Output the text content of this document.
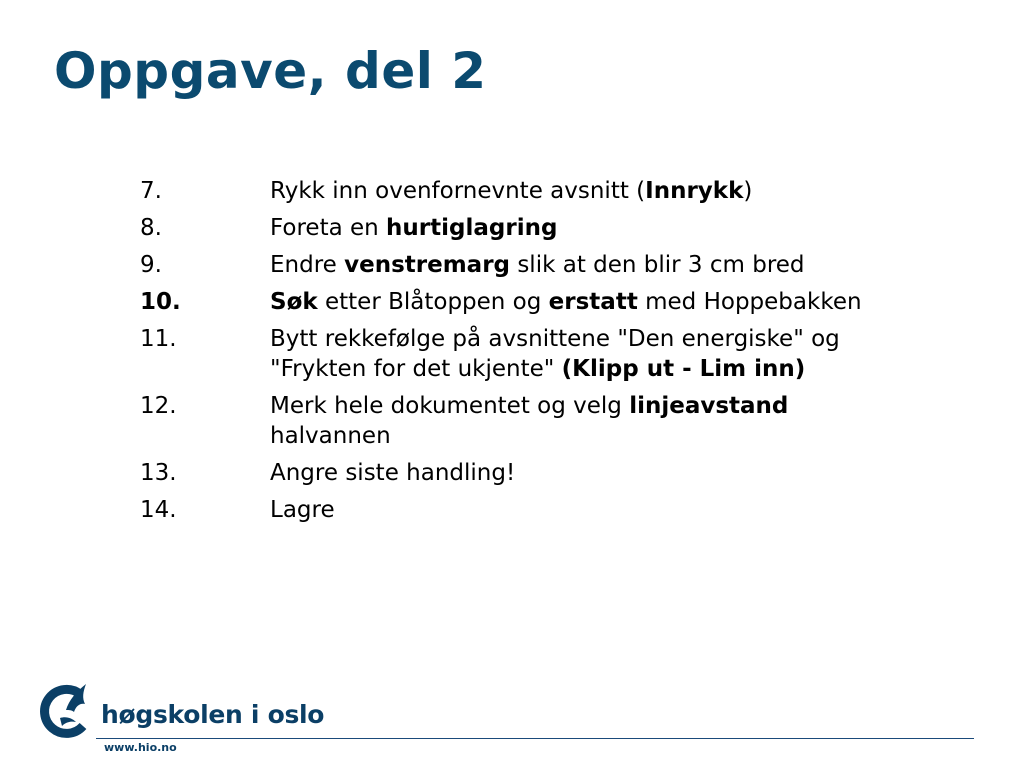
Oppgave, del 2
7.	Rykk inn ovenfornevnte avsnitt (Innrykk)
8.	Foreta en hurtiglagring
9.	Endre venstremarg slik at den blir 3 cm bred
10.	Søk etter Blåtoppen og erstatt med Hoppebakken
11.	Bytt rekkefølge på avsnittene "Den energiske" og "Frykten for det ukjente" (Klipp ut - Lim inn)
12.	Merk hele dokumentet og velg linjeavstand halvannen
13.	Angre siste handling!
14.	Lagre
høgskolen i oslo
www.hio.no
